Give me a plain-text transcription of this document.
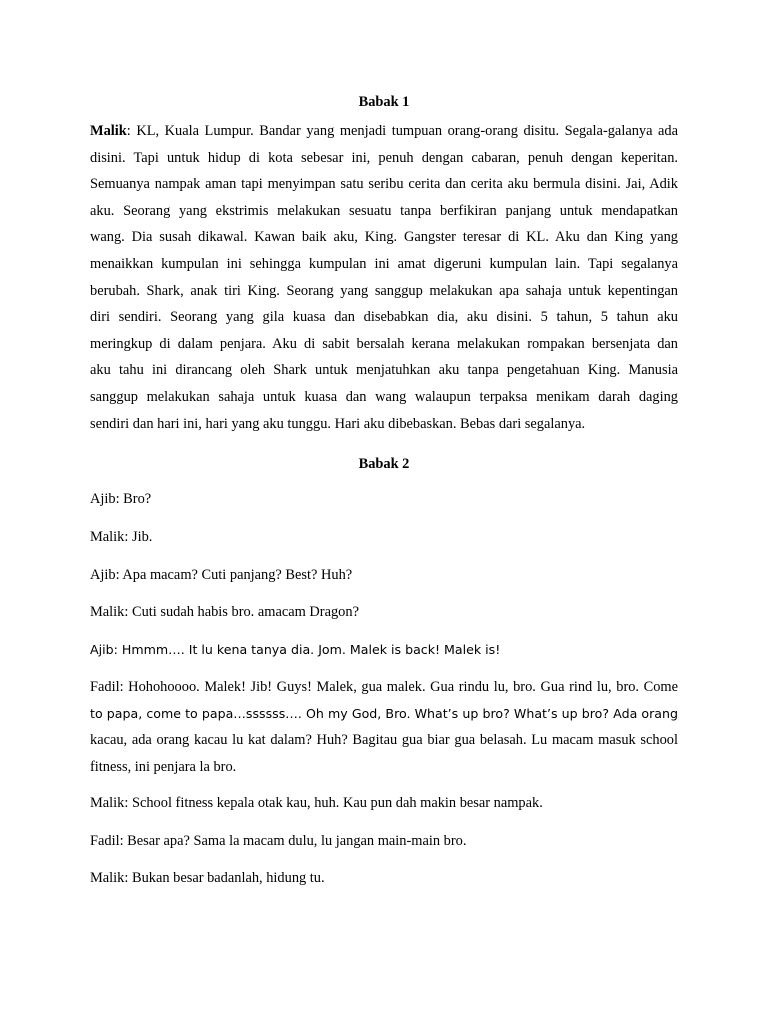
Babak 1
Malik: KL, Kuala Lumpur. Bandar yang menjadi tumpuan orang-orang disitu. Segala-galanya ada
disini. Tapi untuk hidup di kota sebesar ini, penuh dengan cabaran, penuh dengan keperitan.
Semuanya nampak aman tapi menyimpan satu seribu cerita dan cerita aku bermula disini. Jai, Adik
aku. Seorang yang ekstrimis melakukan sesuatu tanpa berfikiran panjang untuk mendapatkan
wang. Dia susah dikawal. Kawan baik aku, King. Gangster teresar di KL. Aku dan King yang
menaikkan kumpulan ini sehingga kumpulan ini amat digeruni kumpulan lain. Tapi segalanya
berubah. Shark, anak tiri King. Seorang yang sanggup melakukan apa sahaja untuk kepentingan
diri sendiri. Seorang yang gila kuasa dan disebabkan dia, aku disini. 5 tahun, 5 tahun aku
meringkup di dalam penjara. Aku di sabit bersalah kerana melakukan rompakan bersenjata dan
aku tahu ini dirancang oleh Shark untuk menjatuhkan aku tanpa pengetahuan King. Manusia
sanggup melakukan sahaja untuk kuasa dan wang walaupun terpaksa menikam darah daging
sendiri dan hari ini, hari yang aku tunggu. Hari aku dibebaskan. Bebas dari segalanya.
Babak 2
Ajib: Bro?
Malik: Jib.
Ajib: Apa macam? Cuti panjang? Best? Huh?
Malik: Cuti sudah habis bro. amacam Dragon?
Ajib: Hmmm…. It lu kena tanya dia. Jom. Malek is back! Malek is!
Fadil: Hohohoooo. Malek! Jib! Guys! Malek, gua malek. Gua rindu lu, bro. Gua rind lu, bro. Come
to papa, come to papa…ssssss…. Oh my God, Bro. What’s up bro? What’s up bro? Ada orang
kacau, ada orang kacau lu kat dalam? Huh? Bagitau gua biar gua belasah. Lu macam masuk school
fitness, ini penjara la bro.
Malik: School fitness kepala otak kau, huh. Kau pun dah makin besar nampak.
Fadil: Besar apa? Sama la macam dulu, lu jangan main-main bro.
Malik: Bukan besar badanlah, hidung tu.
